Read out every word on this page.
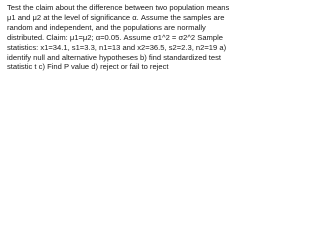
Test the claim about the difference between two population means μ1 and μ2 at the level of significance α. Assume the samples are random and independent, and the populations are normally distributed. Claim: μ1=μ2; α=0.05. Assume σ1^2 = σ2^2 Sample statistics: x1=34.1, s1=3.3, n1=13 and x2=36.5, s2=2.3, n2=19 a) identify null and alternative hypotheses b) find standardized test statistic t c) Find P value d) reject or fail to reject
